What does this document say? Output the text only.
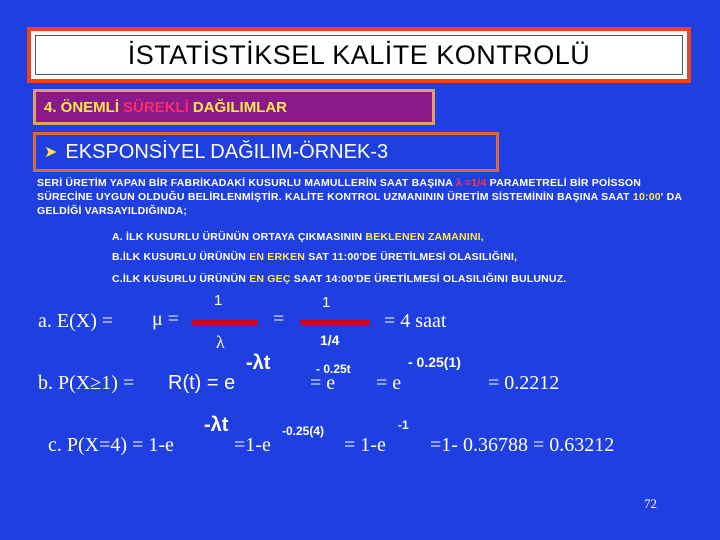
İSTATİSTİKSEL KALİTE KONTROLÜ
4. ÖNEMLİ SÜREKLİ DAĞILIMLAR
➤ EKSPONSİYEL DAĞILIM-ÖRNEK-3
SERİ ÜRETİM YAPAN BİR FABRİKADAKİ KUSURLU MAMULLERİN SAAT BAŞINA λ =1/4 PARAMETRELİ BİR POİSSON SÜRECİNE UYGUN OLDUĞU BELİRLENMİŞTİR. KALİTE KONTROL UZMANININ ÜRETİM SİSTEMİNİN BAŞINA SAAT 10:00' DA GELDİĞİ VARSAYILDIĞINDA;
A. İLK KUSURLU ÜRÜNÜN ORTAYA ÇIKMASININ BEKLENEN ZAMANINI,
B.İLK KUSURLU ÜRÜNÜN EN ERKEN SAT 11:00'DE ÜRETİLMESİ OLASILIĞINI,
C.İLK KUSURLU ÜRÜNÜN EN GEÇ SAAT 14:00'DE ÜRETİLMESİ OLASILIĞINI BULUNUZ.
a. E(X) = μ =
1
λ
=
1
1/4
= 4 saat
b. P(X≥1) = R(t) = e
-λt
= e
- 0.25t
= e
- 0.25(1)
= 0.2212
c. P(X=4) = 1-e
-λt
=1-e
-0.25(4)
= 1-e
-1
=1- 0.36788 = 0.63212
72
